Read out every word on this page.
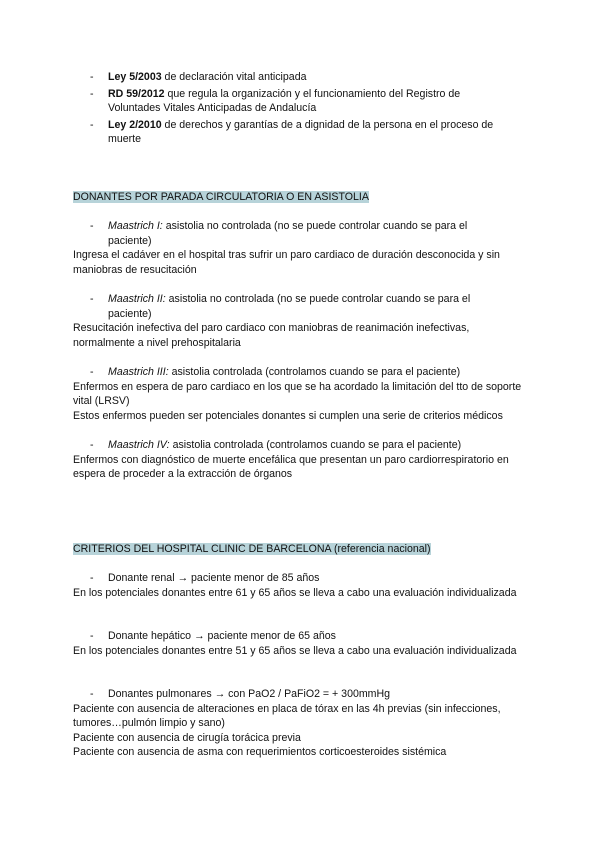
- Ley 5/2003 de declaración vital anticipada
- RD 59/2012 que regula la organización y el funcionamiento del Registro de Voluntades Vitales Anticipadas de Andalucía
- Ley 2/2010 de derechos y garantías de a dignidad de la persona en el proceso de muerte
DONANTES POR PARADA CIRCULATORIA O EN ASISTOLIA
- Maastrich I: asistolia no controlada (no se puede controlar cuando se para el paciente)
Ingresa el cadáver en el hospital tras sufrir un paro cardiaco de duración desconocida y sin maniobras de resucitación
- Maastrich II: asistolia no controlada (no se puede controlar cuando se para el paciente)
Resucitación inefectiva del paro cardiaco con maniobras de reanimación inefectivas, normalmente a nivel prehospitalaria
- Maastrich III: asistolia controlada (controlamos cuando se para el paciente)
Enfermos en espera de paro cardiaco en los que se ha acordado la limitación del tto de soporte vital (LRSV)
Estos enfermos pueden ser potenciales donantes si cumplen una serie de criterios médicos
- Maastrich IV: asistolia controlada (controlamos cuando se para el paciente)
Enfermos con diagnóstico de muerte encefálica que presentan un paro cardiorrespiratorio en espera de proceder a la extracción de órganos
CRITERIOS DEL HOSPITAL CLINIC DE BARCELONA (referencia nacional)
- Donante renal → paciente menor de 85 años
En los potenciales donantes entre 61 y 65 años se lleva a cabo una evaluación individualizada
- Donante hepático → paciente menor de 65 años
En los potenciales donantes entre 51 y 65 años se lleva a cabo una evaluación individualizada
- Donantes pulmonares → con PaO2 / PaFiO2 = + 300mmHg
Paciente con ausencia de alteraciones en placa de tórax en las 4h previas (sin infecciones, tumores…pulmón limpio y sano)
Paciente con ausencia de cirugía torácica previa
Paciente con ausencia de asma con requerimientos corticoesteroides sistémica
